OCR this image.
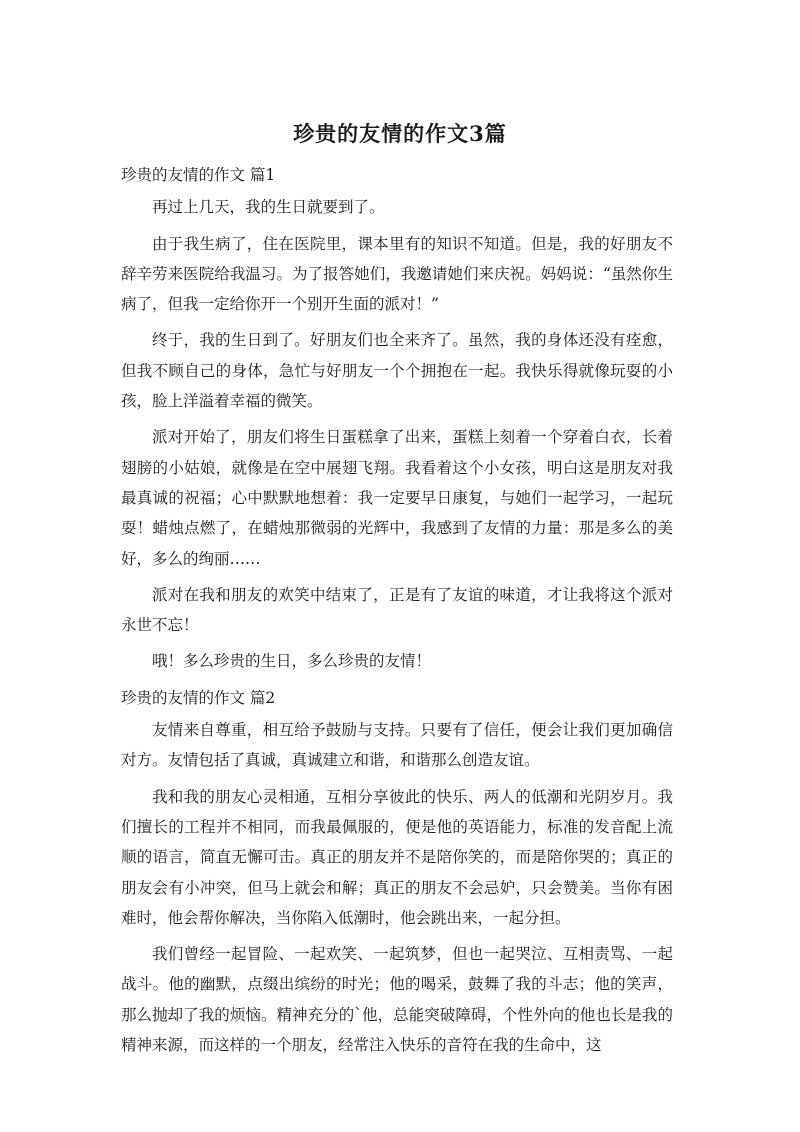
珍贵的友情的作文3篇

珍贵的友情的作文 篇1

再过上几天，我的生日就要到了。

由于我生病了，住在医院里，课本里有的知识不知道。但是，我的好朋友不辞辛劳来医院给我温习。为了报答她们，我邀请她们来庆祝。妈妈说：“虽然你生病了，但我一定给你开一个别开生面的派对！”

终于，我的生日到了。好朋友们也全来齐了。虽然，我的身体还没有痊愈，但我不顾自己的身体，急忙与好朋友一个个拥抱在一起。我快乐得就像玩耍的小孩，脸上洋溢着幸福的微笑。

派对开始了，朋友们将生日蛋糕拿了出来，蛋糕上刻着一个穿着白衣，长着翅膀的小姑娘，就像是在空中展翅飞翔。我看着这个小女孩，明白这是朋友对我最真诚的祝福；心中默默地想着：我一定要早日康复，与她们一起学习，一起玩耍！蜡烛点燃了，在蜡烛那微弱的光辉中，我感到了友情的力量：那是多么的美好，多么的绚丽……

派对在我和朋友的欢笑中结束了，正是有了友谊的味道，才让我将这个派对永世不忘！

哦！多么珍贵的生日，多么珍贵的友情！

珍贵的友情的作文 篇2

友情来自尊重，相互给予鼓励与支持。只要有了信任，便会让我们更加确信对方。友情包括了真诚，真诚建立和谐，和谐那么创造友谊。

我和我的朋友心灵相通，互相分享彼此的快乐、两人的低潮和光阴岁月。我们擅长的工程并不相同，而我最佩服的，便是他的英语能力，标准的发音配上流顺的语言，简直无懈可击。真正的朋友并不是陪你笑的，而是陪你哭的；真正的朋友会有小冲突，但马上就会和解；真正的朋友不会忌妒，只会赞美。当你有困难时，他会帮你解决，当你陷入低潮时，他会跳出来，一起分担。

我们曾经一起冒险、一起欢笑、一起筑梦，但也一起哭泣、互相责骂、一起战斗。他的幽默，点缀出缤纷的时光；他的喝采，鼓舞了我的斗志；他的笑声，那么抛却了我的烦恼。精神充分的`他，总能突破障碍，个性外向的他也长是我的精神来源，而这样的一个朋友，经常注入快乐的音符在我的生命中，这
